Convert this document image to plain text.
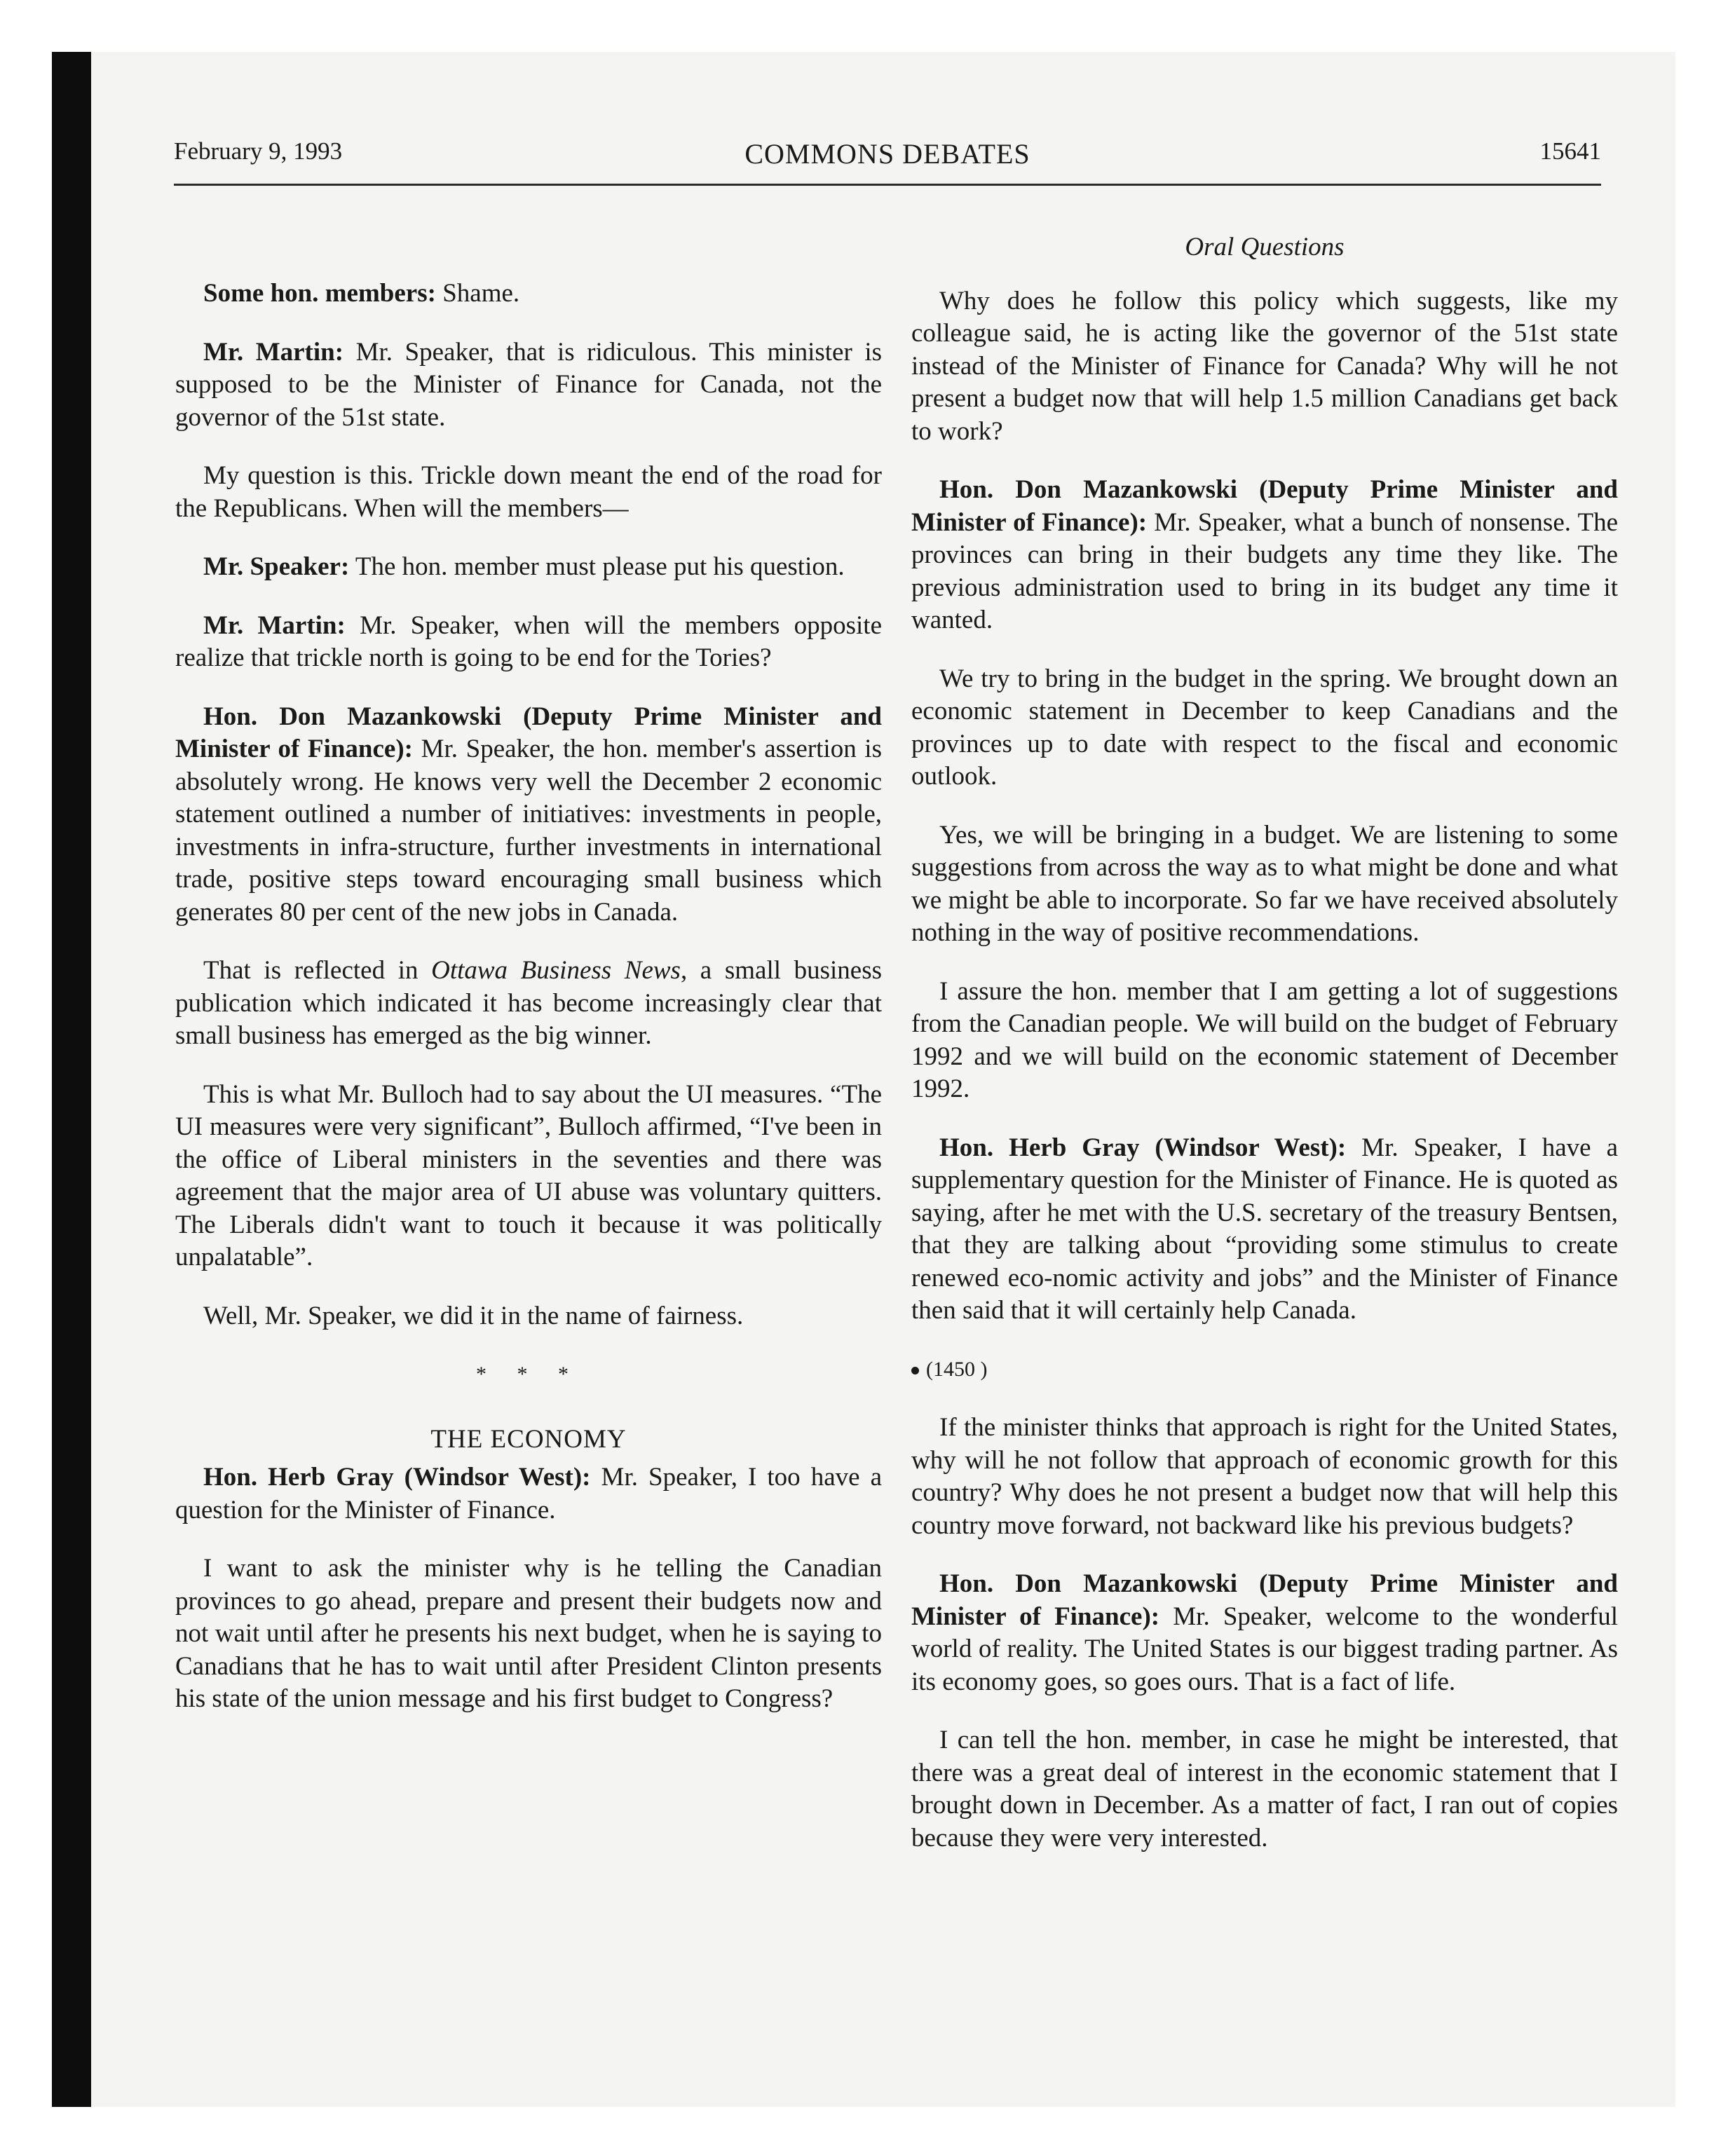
February 9, 1993	COMMONS DEBATES	15641

Some hon. members: Shame.

Mr. Martin: Mr. Speaker, that is ridiculous. This minister is supposed to be the Minister of Finance for Canada, not the governor of the 51st state.

My question is this. Trickle down meant the end of the road for the Republicans. When will the members—

Mr. Speaker: The hon. member must please put his question.

Mr. Martin: Mr. Speaker, when will the members opposite realize that trickle north is going to be end for the Tories?

Hon. Don Mazankowski (Deputy Prime Minister and Minister of Finance): Mr. Speaker, the hon. member's assertion is absolutely wrong. He knows very well the December 2 economic statement outlined a number of initiatives: investments in people, investments in infra-structure, further investments in international trade, positive steps toward encouraging small business which generates 80 per cent of the new jobs in Canada.

That is reflected in Ottawa Business News, a small business publication which indicated it has become increasingly clear that small business has emerged as the big winner.

This is what Mr. Bulloch had to say about the UI measures. “The UI measures were very significant”, Bulloch affirmed, “I've been in the office of Liberal ministers in the seventies and there was agreement that the major area of UI abuse was voluntary quitters. The Liberals didn't want to touch it because it was politically unpalatable”.

Well, Mr. Speaker, we did it in the name of fairness.

* * *
THE ECONOMY

Hon. Herb Gray (Windsor West): Mr. Speaker, I too have a question for the Minister of Finance.

I want to ask the minister why is he telling the Canadian provinces to go ahead, prepare and present their budgets now and not wait until after he presents his next budget, when he is saying to Canadians that he has to wait until after President Clinton presents his state of the union message and his first budget to Congress?

Oral Questions

Why does he follow this policy which suggests, like my colleague said, he is acting like the governor of the 51st state instead of the Minister of Finance for Canada? Why will he not present a budget now that will help 1.5 million Canadians get back to work?

Hon. Don Mazankowski (Deputy Prime Minister and Minister of Finance): Mr. Speaker, what a bunch of nonsense. The provinces can bring in their budgets any time they like. The previous administration used to bring in its budget any time it wanted.

We try to bring in the budget in the spring. We brought down an economic statement in December to keep Canadians and the provinces up to date with respect to the fiscal and economic outlook.

Yes, we will be bringing in a budget. We are listening to some suggestions from across the way as to what might be done and what we might be able to incorporate. So far we have received absolutely nothing in the way of positive recommendations.

I assure the hon. member that I am getting a lot of suggestions from the Canadian people. We will build on the budget of February 1992 and we will build on the economic statement of December 1992.

Hon. Herb Gray (Windsor West): Mr. Speaker, I have a supplementary question for the Minister of Finance. He is quoted as saying, after he met with the U.S. secretary of the treasury Bentsen, that they are talking about “providing some stimulus to create renewed eco-nomic activity and jobs” and the Minister of Finance then said that it will certainly help Canada.

(1450 )

If the minister thinks that approach is right for the United States, why will he not follow that approach of economic growth for this country? Why does he not present a budget now that will help this country move forward, not backward like his previous budgets?

Hon. Don Mazankowski (Deputy Prime Minister and Minister of Finance): Mr. Speaker, welcome to the wonderful world of reality. The United States is our biggest trading partner. As its economy goes, so goes ours. That is a fact of life.

I can tell the hon. member, in case he might be interested, that there was a great deal of interest in the economic statement that I brought down in December. As a matter of fact, I ran out of copies because they were very interested.
